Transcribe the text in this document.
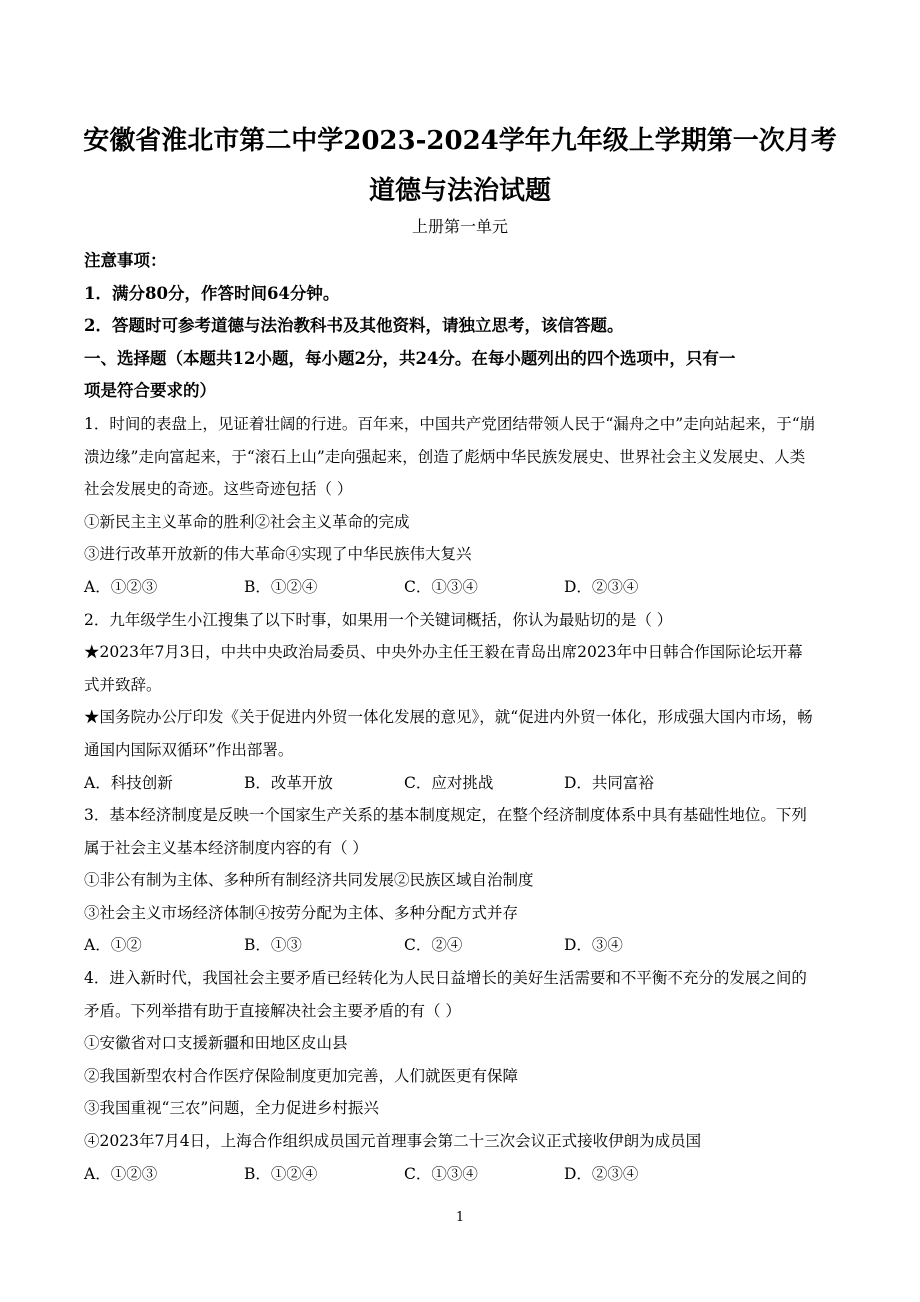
安徽省淮北市第二中学2023-2024学年九年级上学期第一次月考
道德与法治试题
上册第一单元
注意事项：
1．满分80分，作答时间64分钟。
2．答题时可参考道德与法治教科书及其他资料，请独立思考，该信答题。
一、选择题（本题共12小题，每小题2分，共24分。在每小题列出的四个选项中，只有一
项是符合要求的）
1．时间的表盘上，见证着壮阔的行进。百年来，中国共产党团结带领人民于“漏舟之中”走向站起来，于“崩
溃边缘”走向富起来，于“滚石上山”走向强起来，创造了彪炳中华民族发展史、世界社会主义发展史、人类
社会发展史的奇迹。这些奇迹包括（ ）
①新民主主义革命的胜利②社会主义革命的完成
③进行改革开放新的伟大革命④实现了中华民族伟大复兴
A．①②③	B．①②④	C．①③④	D．②③④
2．九年级学生小江搜集了以下时事，如果用一个关键词概括，你认为最贴切的是（ ）
★2023年7月3日，中共中央政治局委员、中央外办主任王毅在青岛出席2023年中日韩合作国际论坛开幕
式并致辞。
★国务院办公厅印发《关于促进内外贸一体化发展的意见》，就“促进内外贸一体化，形成强大国内市场，畅
通国内国际双循环”作出部署。
A．科技创新	B．改革开放	C．应对挑战	D．共同富裕
3．基本经济制度是反映一个国家生产关系的基本制度规定，在整个经济制度体系中具有基础性地位。下列
属于社会主义基本经济制度内容的有（ ）
①非公有制为主体、多种所有制经济共同发展②民族区域自治制度
③社会主义市场经济体制④按劳分配为主体、多种分配方式并存
A．①②	B．①③	C．②④	D．③④
4．进入新时代，我国社会主要矛盾已经转化为人民日益增长的美好生活需要和不平衡不充分的发展之间的
矛盾。下列举措有助于直接解决社会主要矛盾的有（ ）
①安徽省对口支援新疆和田地区皮山县
②我国新型农村合作医疗保险制度更加完善，人们就医更有保障
③我国重视“三农”问题，全力促进乡村振兴
④2023年7月4日，上海合作组织成员国元首理事会第二十三次会议正式接收伊朗为成员国
A．①②③	B．①②④	C．①③④	D．②③④
1
